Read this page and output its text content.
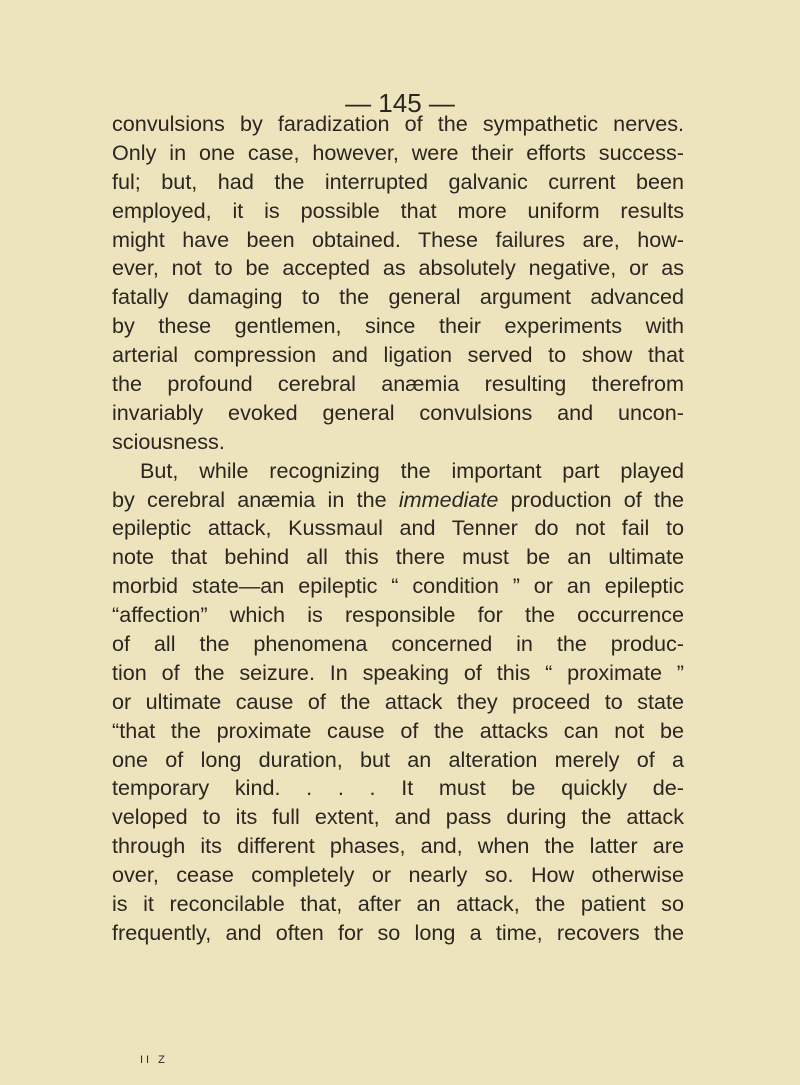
— 145 —

convulsions by faradization of the sympathetic nerves.
Only in one case, however, were their efforts success-
ful; but, had the interrupted galvanic current been
employed, it is possible that more uniform results
might have been obtained. These failures are, how-
ever, not to be accepted as absolutely negative, or as
fatally damaging to the general argument advanced
by these gentlemen, since their experiments with
arterial compression and ligation served to show that
the profound cerebral anæmia resulting therefrom
invariably evoked general convulsions and uncon-
sciousness.
But, while recognizing the important part played
by cerebral anæmia in the immediate production of the
epileptic attack, Kussmaul and Tenner do not fail to
note that behind all this there must be an ultimate
morbid state—an epileptic “ condition ” or an epileptic
“affection” which is responsible for the occurrence
of all the phenomena concerned in the produc-
tion of the seizure. In speaking of this “ proximate ”
or ultimate cause of the attack they proceed to state
“that the proximate cause of the attacks can not be
one of long duration, but an alteration merely of a
temporary kind. . . . It must be quickly de-
veloped to its full extent, and pass during the attack
through its different phases, and, when the latter are
over, cease completely or nearly so. How otherwise
is it reconcilable that, after an attack, the patient so
frequently, and often for so long a time, recovers the

II Z
